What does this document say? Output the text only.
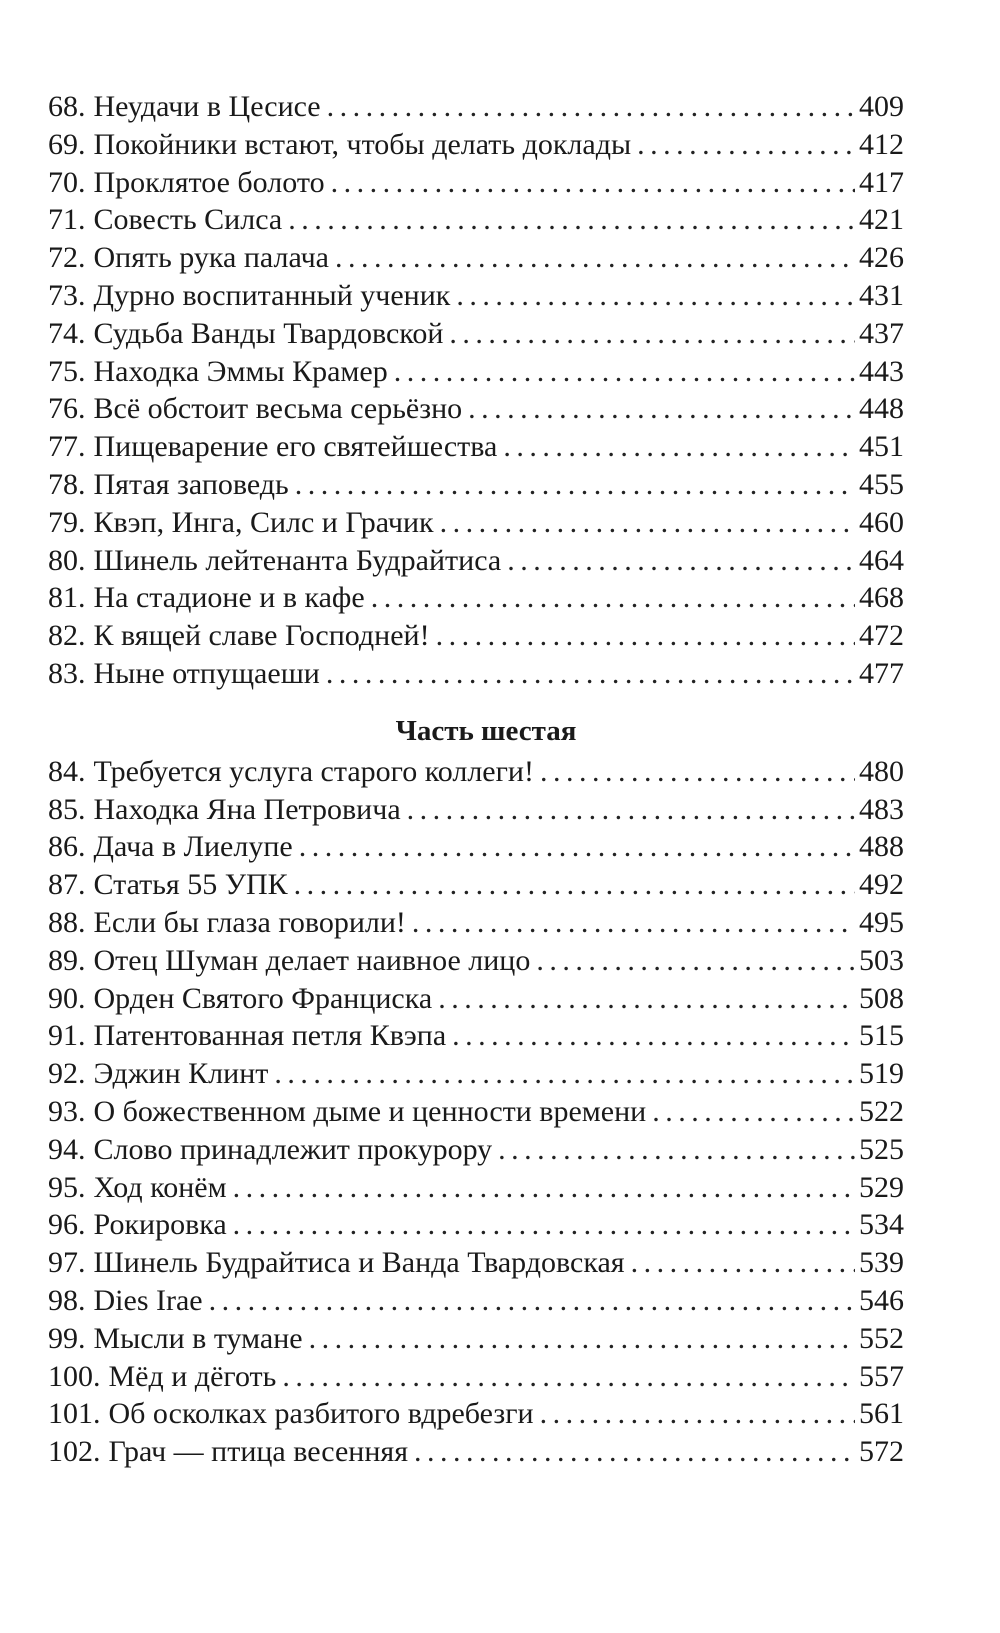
68. Неудачи в Цесисе . . .	409
69. Покойники встают, чтобы делать доклады . . .	412
70. Проклятое болото . . .	417
71. Совесть Силса . . .	421
72. Опять рука палача . . .	426
73. Дурно воспитанный ученик . . .	431
74. Судьба Ванды Твардовской . . .	437
75. Находка Эммы Крамер . . .	443
76. Всё обстоит весьма серьёзно . . .	448
77. Пищеварение его святейшества . . .	451
78. Пятая заповедь . . .	455
79. Квэп, Инга, Силс и Грачик . . .	460
80. Шинель лейтенанта Будрайтиса . . .	464
81. На стадионе и в кафе . . .	468
82. К вящей славе Господней! . . .	472
83. Ныне отпущаеши . . .	477
Часть шестая
84. Требуется услуга старого коллеги! . . .	480
85. Находка Яна Петровича . . .	483
86. Дача в Лиелупе . . .	488
87. Статья 55 УПК . . .	492
88. Если бы глаза говорили! . . .	495
89. Отец Шуман делает наивное лицо . . .	503
90. Орден Святого Франциска . . .	508
91. Патентованная петля Квэпа . . .	515
92. Эджин Клинт . . .	519
93. О божественном дыме и ценности времени . . .	522
94. Слово принадлежит прокурору . . .	525
95. Ход конём . . .	529
96. Рокировка . . .	534
97. Шинель Будрайтиса и Ванда Твардовская . . .	539
98. Dies Irae . . .	546
99. Мысли в тумане . . .	552
100. Мёд и дёготь . . .	557
101. Об осколках разбитого вдребезги . . .	561
102. Грач — птица весенняя . . .	572
